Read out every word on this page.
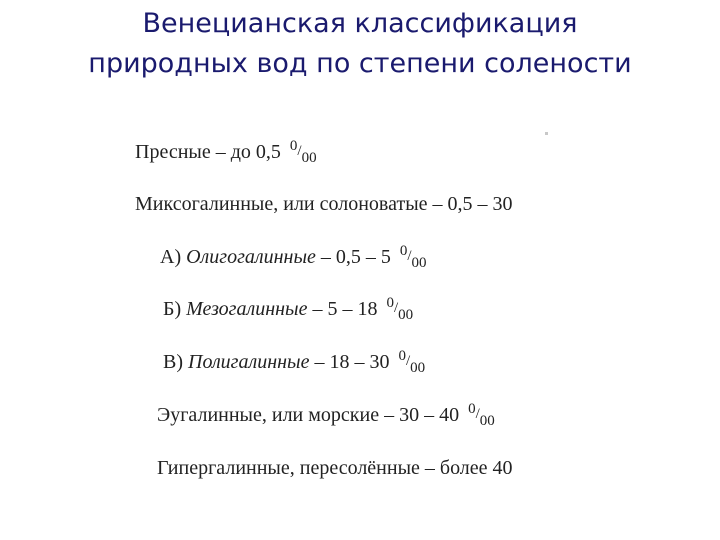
Венецианская классификация
природных вод по степени солености
Пресные – до 0,5 0/00
Миксогалинные, или солоноватые – 0,5 – 30
А) Олигогалинные – 0,5 – 5 0/00
Б) Мезогалинные – 5 – 18 0/00
В) Полигалинные – 18 – 30 0/00
Эугалинные, или морские – 30 – 40 0/00
Гипергалинные, пересолённые – более 40
